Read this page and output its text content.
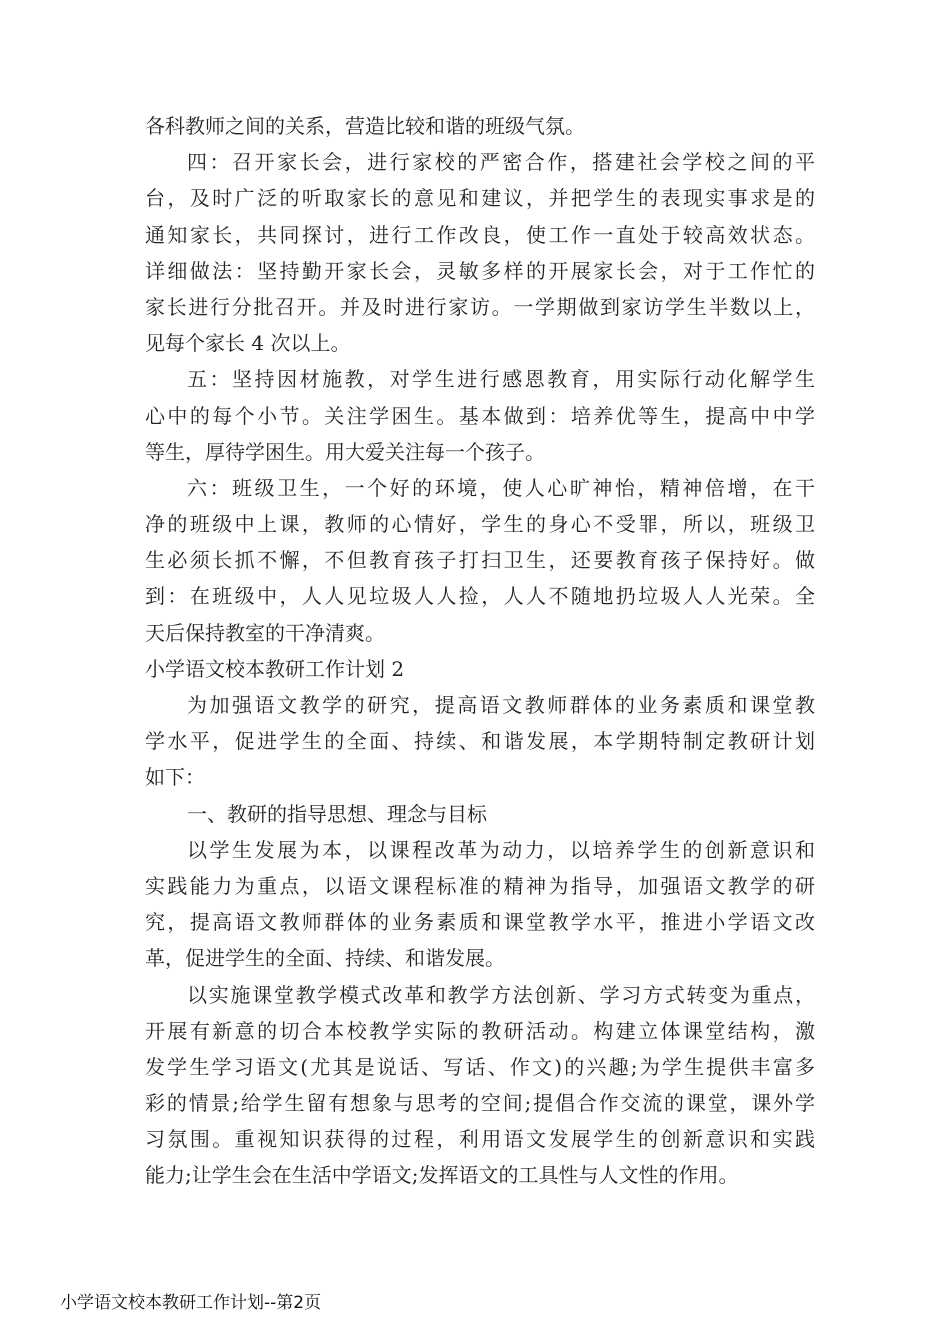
各科教师之间的关系，营造比较和谐的班级气氛。
四：召开家长会，进行家校的严密合作，搭建社会学校之间的平
台，及时广泛的听取家长的意见和建议，并把学生的表现实事求是的
通知家长，共同探讨，进行工作改良，使工作一直处于较高效状态。
详细做法：坚持勤开家长会，灵敏多样的开展家长会，对于工作忙的
家长进行分批召开。并及时进行家访。一学期做到家访学生半数以上，
见每个家长 4 次以上。
五：坚持因材施教，对学生进行感恩教育，用实际行动化解学生
心中的每个小节。关注学困生。基本做到：培养优等生，提高中中学
等生，厚待学困生。用大爱关注每一个孩子。
六：班级卫生，一个好的环境，使人心旷神怡，精神倍增，在干
净的班级中上课，教师的心情好，学生的身心不受罪，所以，班级卫
生必须长抓不懈，不但教育孩子打扫卫生，还要教育孩子保持好。做
到：在班级中，人人见垃圾人人捡，人人不随地扔垃圾人人光荣。全
天后保持教室的干净清爽。
小学语文校本教研工作计划 2
为加强语文教学的研究，提高语文教师群体的业务素质和课堂教
学水平，促进学生的全面、持续、和谐发展，本学期特制定教研计划
如下：
一、教研的指导思想、理念与目标
以学生发展为本，以课程改革为动力，以培养学生的创新意识和
实践能力为重点，以语文课程标准的精神为指导，加强语文教学的研
究，提高语文教师群体的业务素质和课堂教学水平，推进小学语文改
革，促进学生的全面、持续、和谐发展。
以实施课堂教学模式改革和教学方法创新、学习方式转变为重点，
开展有新意的切合本校教学实际的教研活动。构建立体课堂结构，激
发学生学习语文(尤其是说话、写话、作文)的兴趣;为学生提供丰富多
彩的情景;给学生留有想象与思考的空间;提倡合作交流的课堂，课外学
习氛围。重视知识获得的过程，利用语文发展学生的创新意识和实践
能力;让学生会在生活中学语文;发挥语文的工具性与人文性的作用。
小学语文校本教研工作计划--第2页
